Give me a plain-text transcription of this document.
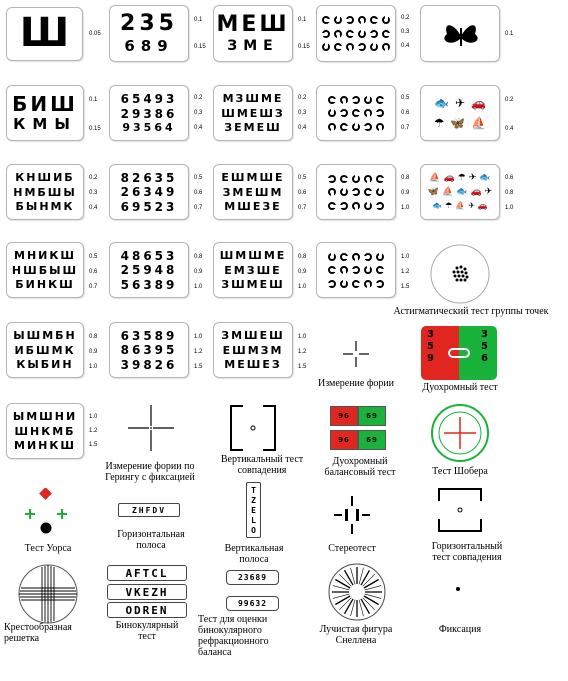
Ш	0.05 235
689
0.1
0.15
МЕШ
ЗМЕ
0.1
0.15
0.2
0.3
0.4
0.1
БИШ
КМЫ
0.1
0.15
65493
29386
93564
0.2
0.3
0.4
МЗШМЕ
ШМЕШЗ
ЗЕМЕШ
0.2
0.3
0.4
0.5
0.6
0.7
🐟 ✈ 🚗
☂ 🦋 ⛵
0.2
0.4
КНШИБ
НМБШЫ
БЫНМК
0.2
0.3
0.4
82635
26349
69523
0.5
0.6
0.7
ЕШМШЕ
ЗМЕШМ
МШЕЗЕ
0.5
0.6
0.7
0.8
0.9
1.0
⛵ 🚗 ☂ ✈ 🐟
🦋 ⛵ 🐟 🚗 ✈
🐟 ☂ ⛵ ✈ 🚗
0.6
0.8
1.0
МНИКШ
НШБЫШ
БИНКШ
0.5
0.6
0.7
48653
25948
56389
0.8
0.9
1.0
ШМШМЕ
ЕМЗШЕ
ЗШМЕШ
0.8
0.9
1.0
1.0
1.2
1.5
Астигматический тест группы точек
ЫШМБН
ИБШМК
КЫБИН
0.8
0.9
1.0
63589
86395
39826
1.0
1.2
1.5
ЗМШЕШ
ЕШМЗМ
МЕШЕЗ
1.0
1.2
1.5
Измерение фории
3
5
9
3
5
6
Дуохромный тест
ЫМШНИ
ШНКМБ
МИНКШ
1.0
1.2
1.5
Измерение фории по
Герингу с фиксацией
Вертикальный тест
совпадения
96 69
96 69
Дуохромный
балансовый тест	Тест Шобера
Тест Уорса
ZHFDV
Горизонтальная
полоса
TZELO
Вертикальная
полоса
Стереотест	Горизонтальный
тест совпадения
Крестообразная
решетка
AFTCL
VKEZH
ODREN
Бинокулярный
тест
23689
99632
Тест для оценки
бинокулярного
рефракционного
баланса
Лучистая фигура
Снеллена
Фиксация
